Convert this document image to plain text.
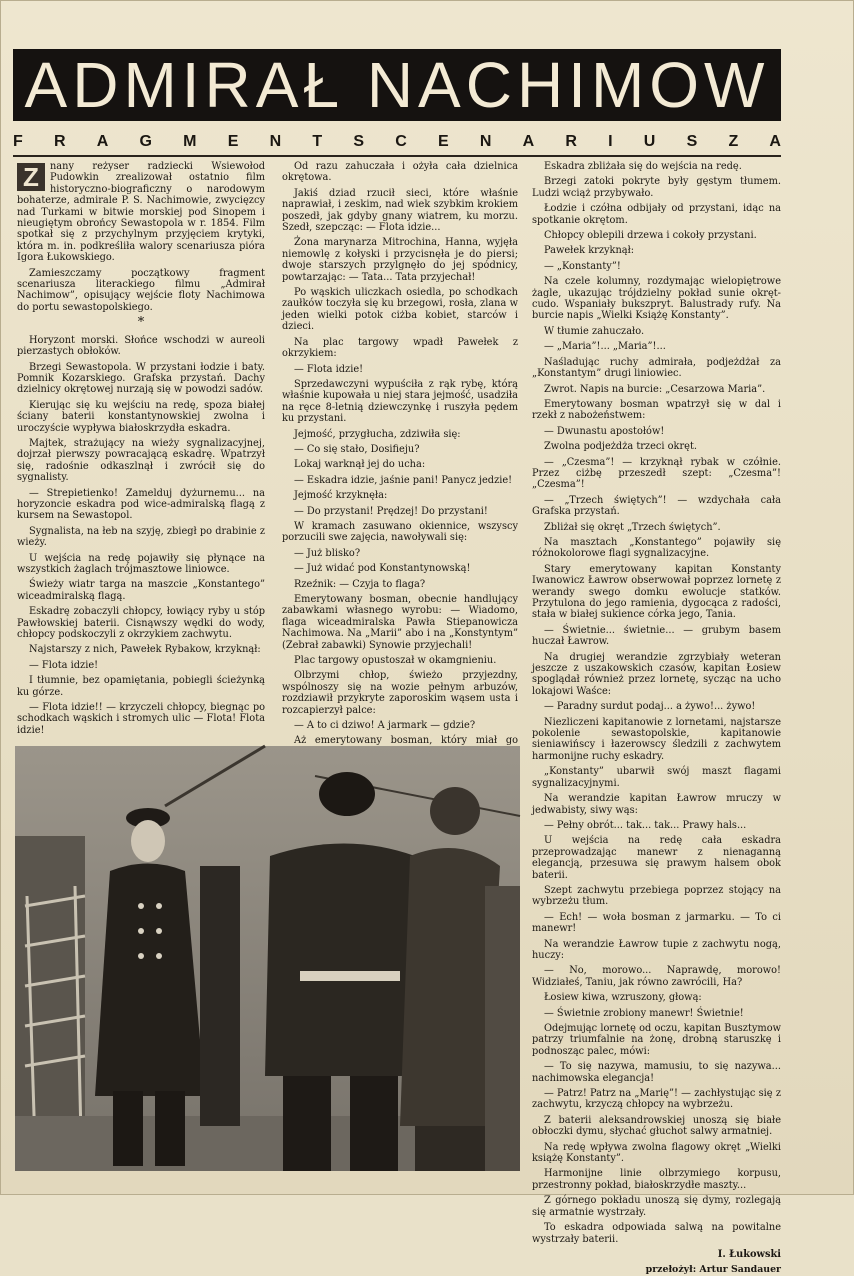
ADMIRAŁ NACHIMOW
F R A G M E N T S C E N A R I U S Z A

Z	nany reżyser radziecki Wsiewołod Pudowkin zrealizował ostatnio film historyczno-biograficzny o narodowym bohaterze, admirale P. S. Nachimowie, zwycięzcy nad Turkami w bitwie morskiej pod Sinopem i nieugiętym obrońcy Sewastopola w r. 1854. Film spotkał się z przychylnym przyjęciem krytyki, która m. in. podkreśliła walory scenariusza pióra Igora Łukowskiego.

Zamieszczamy początkowy fragment scenariusza literackiego filmu „Admirał Nachimow”, opisujący wejście floty Nachimowa do portu sewastopolskiego.

*

Horyzont morski. Słońce wschodzi w aureoli pierzastych obłoków.

Brzegi Sewastopola. W przystani łodzie i baty. Pomnik Kozarskiego. Grafska przystań. Dachy dzielnicy okrętowej nurzają się w powodzi sadów.

Kierując się ku wejściu na redę, spoza białej ściany baterii konstantynowskiej zwolna i uroczyście wypływa białoskrzydła eskadra.

Majtek, strażujący na wieży sygnalizacyjnej, dojrzał pierwszy powracającą eskadrę. Wpatrzył się, radośnie odkaszlnął i zwrócił się do sygnalisty.

— Strepietienko! Zamelduj dyżurnemu... na horyzoncie eskadra pod wice-admiralską flagą z kursem na Sewastopol.

Sygnalista, na łeb na szyję, zbiegł po drabinie z wieży.

U wejścia na redę pojawiły się płynące na wszystkich żaglach trójmasztowe liniowce.

Świeży wiatr targa na maszcie „Konstantego” wiceadmiralską flagą.

Eskadrę zobaczyli chłopcy, łowiący ryby u stóp Pawłowskiej baterii. Cisnąwszy wędki do wody, chłopcy podskoczyli z okrzykiem zachwytu.

Najstarszy z nich, Pawełek Rybakow, krzyknął:

— Flota idzie!

I tłumnie, bez opamiętania, pobiegli ścieżynką ku górze.

— Flota idzie!! — krzyczeli chłopcy, biegnąc po schodkach wąskich i stromych ulic — Flota! Flota idzie!

Od razu zahuczała i ożyła cała dzielnica okrętowa.

Jakiś dziad rzucił sieci, które właśnie naprawiał, i zeskim, nad wiek szybkim krokiem poszedł, jak gdyby gnany wiatrem, ku morzu. Szedł, szepcząc: — Flota idzie...

Żona marynarza Mitrochina, Hanna, wyjęła niemowlę z kołyski i przycisnęła je do piersi; dwoje starszych przylgnęło do jej spódnicy, powtarzając: — Tata... Tata przyjechał!

Po wąskich uliczkach osiedla, po schodkach zaułków toczyła się ku brzegowi, rosła, zlana w jeden wielki potok ciżba kobiet, starców i dzieci.

Na plac targowy wpadł Pawełek z okrzykiem:

— Flota idzie!

Sprzedawczyni wypuściła z rąk rybę, którą właśnie kupowała u niej stara jejmość, usadziła na ręce 8-letnią dziewczynkę i ruszyła pędem ku przystani.

Jejmość, przygłucha, zdziwiła się:

— Co się stało, Dosifieju?

Lokaj warknął jej do ucha:

— Eskadra idzie, jaśnie pani! Panycz jedzie!

Jejmość krzyknęła:

— Do przystani! Prędzej! Do przystani!

W kramach zasuwano okiennice, wszyscy porzucili swe zajęcia, nawoływali się:

— Już blisko?

— Już widać pod Konstantynowską!

Rzeźnik: — Czyja to flaga?

Emerytowany bosman, obecnie handlujący zabawkami własnego wyrobu: — Wiadomo, flaga wiceadmiralska Pawła Stiepanowicza Nachimowa. Na „Marii” abo i na „Konstyntym” (Zebrał zabawki) Synowie przyjechali!

Plac targowy opustoszał w okamgnieniu.

Olbrzymi chłop, świeżo przyjezdny, wspólnoszy się na wozie pełnym arbuzów, rozdziawił przykryte zaporoskim wąsem usta i rozcapierzył palce:

— A to ci dziwo! A jarmark — gdzie?

Aż emerytowany bosman, który miał go

Eskadra zbliżała się do wejścia na redę.

Brzegi zatoki pokryte były gęstym tłumem. Ludzi wciąż przybywało.

Łodzie i czółna odbijały od przystani, idąc na spotkanie okrętom.

Chłopcy oblepili drzewa i cokoły przystani.

Pawełek krzyknął:

— „Konstanty”!

Na czele kolumny, rozdymając wielopiętrowe żagle, ukazując trójdzielny pokład sunie okręt-cudo. Wspaniały bukszpryt. Balustrady rufy. Na burcie napis „Wielki Książę Konstanty”.

W tłumie zahuczało.

— „Maria”!... „Maria”!...

Naśladując ruchy admirała, podjeżdżał za „Konstantym” drugi liniowiec.

Zwrot. Napis na burcie: „Cesarzowa Maria”.

Emerytowany bosman wpatrzył się w dal i rzekł z nabożeństwem:

— Dwunastu apostołów!

Zwolna podjeżdża trzeci okręt.

— „Czesma”! — krzyknął rybak w czółnie. Przez ciżbę przeszedł szept: „Czesma”! „Czesma”!

— „Trzech świętych”! — wzdychała cała Grafska przystań.

Zbliżał się okręt „Trzech świętych”.

Na masztach „Konstantego” pojawiły się różnokolorowe flagi sygnalizacyjne.

Stary emerytowany kapitan Konstanty Iwanowicz Ławrow obserwował poprzez lornetę z werandy swego domku ewolucje statków. Przytulona do jego ramienia, dygocąca z radości, stała w białej sukience córka jego, Tania.

— Świetnie... świetnie... — grubym basem huczał Ławrow.

Na drugiej werandzie zgrzybiały weteran jeszcze z uszakowskich czasów, kapitan Łosiew spoglądał również przez lornetę, sycząc na ucho lokajowi Waśce:

— Paradny surdut podaj... a żywo!... żywo!

Niezliczeni kapitanowie z lornetami, najstarsze pokolenie sewastopolskie, kapitanowie sieniawińscy i łazerowscy śledzili z zachwytem harmonijne ruchy eskadry.

„Konstanty” ubarwił swój maszt flagami sygnalizacyjnymi.

Na werandzie kapitan Ławrow mruczy w jedwabisty, siwy wąs:

— Pełny obrót... tak... tak... Prawy hals...

U wejścia na redę cała eskadra przeprowadzając manewr z nienaganną elegancją, przesuwa się prawym halsem obok baterii.

Szept zachwytu przebiega poprzez stojący na wybrzeżu tłum.

— Ech! — woła bosman z jarmarku. — To ci manewr!

Na werandzie Ławrow tupie z zachwytu nogą, huczy:

— No, morowo... Naprawdę, morowo! Widziałeś, Taniu, jak równo zawrócili, Ha?

Łosiew kiwa, wzruszony, głową:

— Świetnie zrobiony manewr! Świetnie!

Odejmując lornetę od oczu, kapitan Busztymow patrzy triumfalnie na żonę, drobną staruszkę i podnosząc palec, mówi:

— To się nazywa, mamusiu, to się nazywa... nachimowska elegancja!

— Patrz! Patrz na „Marię”! — zachłystując się z zachwytu, krzyczą chłopcy na wybrzeżu.

Z baterii aleksandrowskiej unoszą się białe obłoczki dymu, słychać głuchot salwy armatniej.

Na redę wpływa zwolna flagowy okręt „Wielki książę Konstanty”.

Harmonijne linie olbrzymiego korpusu, przestronny pokład, białoskrzydłe maszty...

Z górnego pokładu unoszą się dymy, rozlegają się armatnie wystrzały.

To eskadra odpowiada salwą na powitalne wystrzały baterii.

I. Łukowski

przełożył: Artur Sandauer
